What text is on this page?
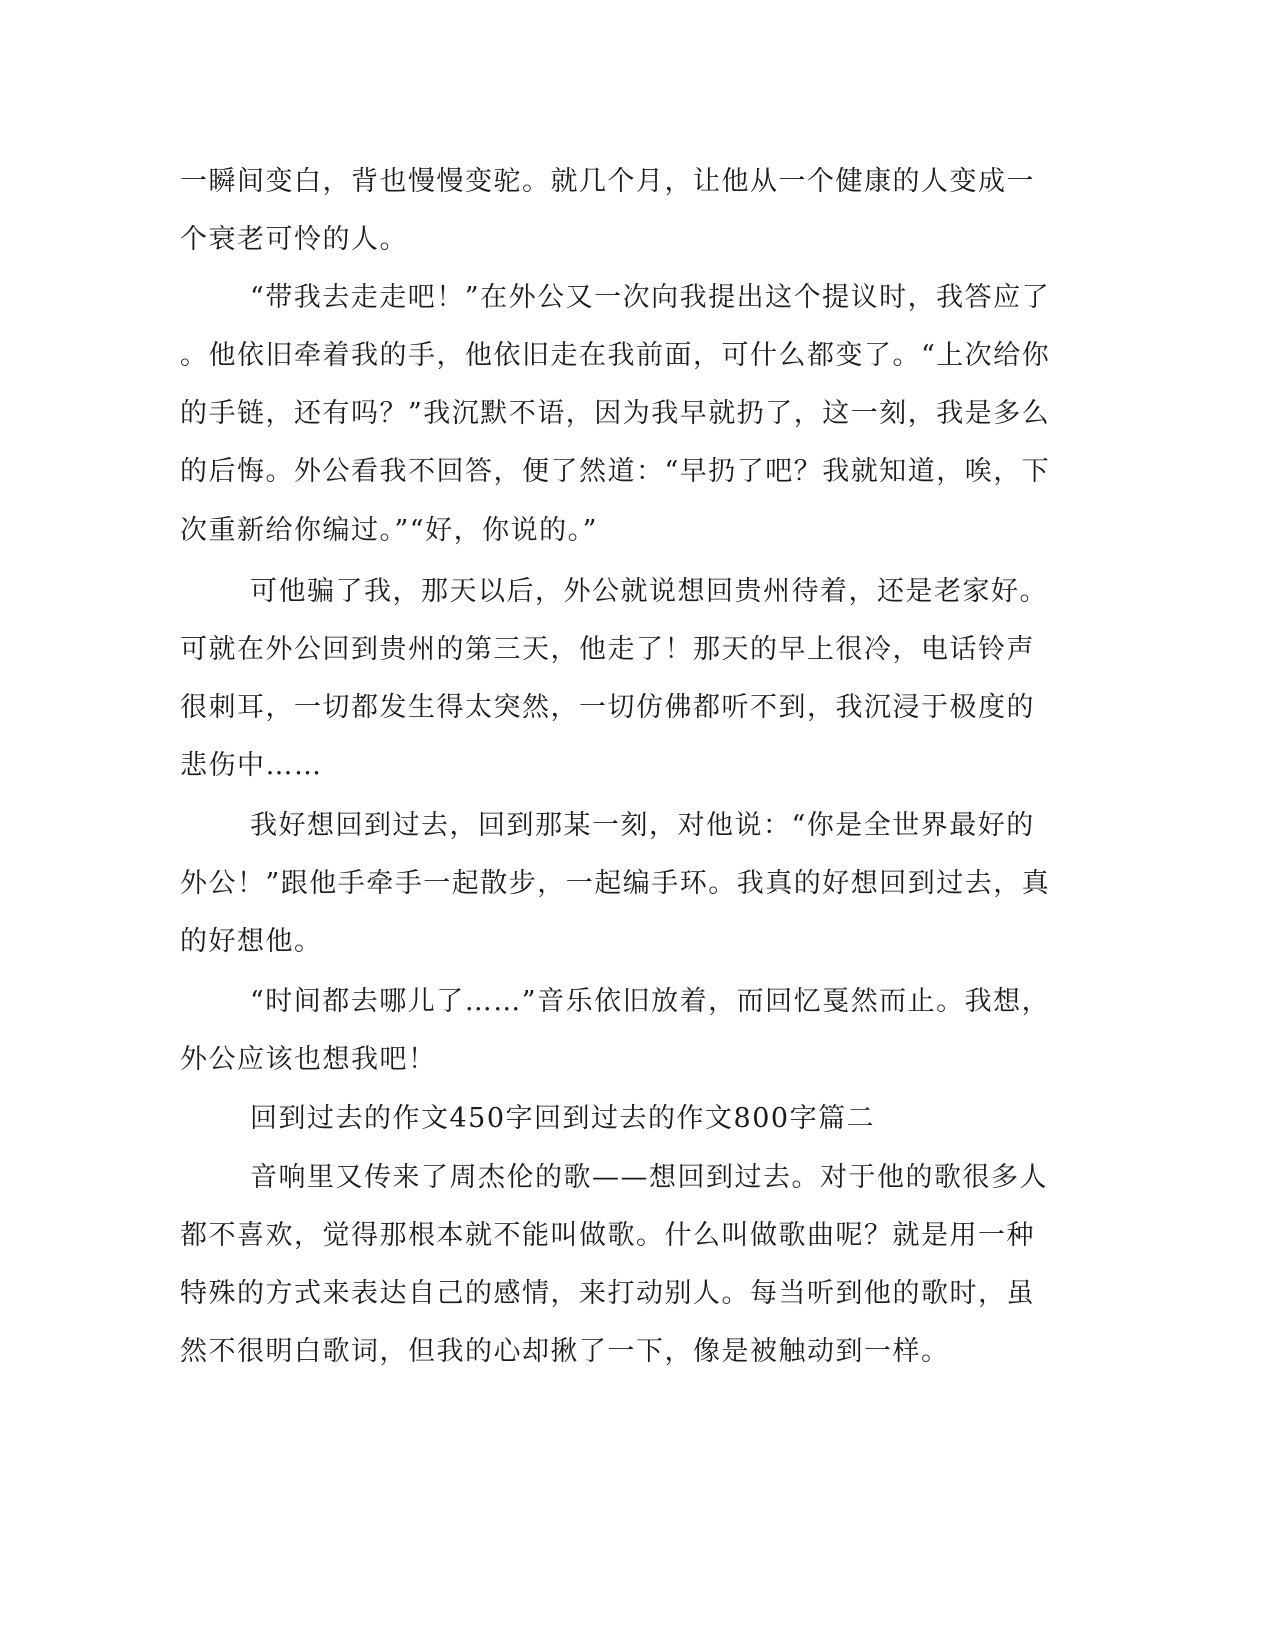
一瞬间变白，背也慢慢变驼。就几个月，让他从一个健康的人变成一

个衰老可怜的人。

“带我去走走吧！”在外公又一次向我提出这个提议时，我答应了

。他依旧牵着我的手，他依旧走在我前面，可什么都变了。“上次给你

的手链，还有吗？”我沉默不语，因为我早就扔了，这一刻，我是多么

的后悔。外公看我不回答，便了然道：“早扔了吧？我就知道，唉，下

次重新给你编过。”“好，你说的。”

可他骗了我，那天以后，外公就说想回贵州待着，还是老家好。

可就在外公回到贵州的第三天，他走了！那天的早上很冷，电话铃声

很刺耳，一切都发生得太突然，一切仿佛都听不到，我沉浸于极度的

悲伤中……

我好想回到过去，回到那某一刻，对他说：“你是全世界最好的

外公！”跟他手牵手一起散步，一起编手环。我真的好想回到过去，真

的好想他。

“时间都去哪儿了……”音乐依旧放着，而回忆戛然而止。我想，

外公应该也想我吧！

回到过去的作文450字回到过去的作文800字篇二

音响里又传来了周杰伦的歌——想回到过去。对于他的歌很多人

都不喜欢，觉得那根本就不能叫做歌。什么叫做歌曲呢？就是用一种

特殊的方式来表达自己的感情，来打动别人。每当听到他的歌时，虽

然不很明白歌词，但我的心却揪了一下，像是被触动到一样。
